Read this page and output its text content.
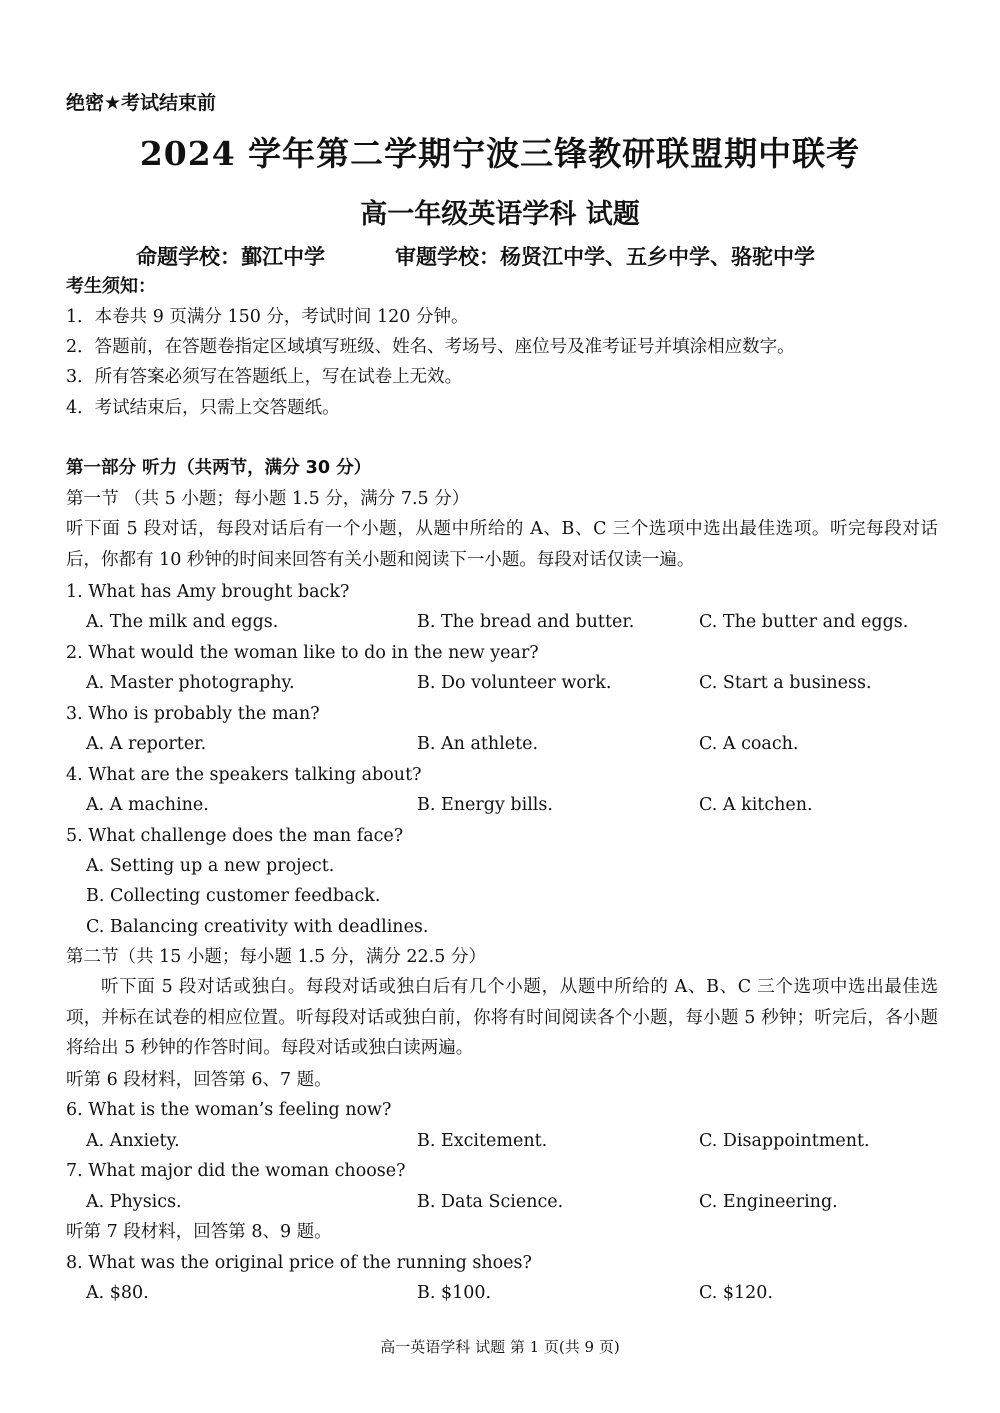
绝密★考试结束前
2024 学年第二学期宁波三锋教研联盟期中联考
高一年级英语学科 试题
命题学校：鄞江中学	审题学校：杨贤江中学、五乡中学、骆驼中学
考生须知：
1．本卷共 9 页满分 150 分，考试时间 120 分钟。
2．答题前，在答题卷指定区域填写班级、姓名、考场号、座位号及准考证号并填涂相应数字。
3．所有答案必须写在答题纸上，写在试卷上无效。
4．考试结束后，只需上交答题纸。
第一部分 听力（共两节，满分 30 分）
第一节 （共 5 小题；每小题 1.5 分，满分 7.5 分）
听下面 5 段对话，每段对话后有一个小题，从题中所给的 A、B、C 三个选项中选出最佳选项。听完每段对话后，你都有 10 秒钟的时间来回答有关小题和阅读下一小题。每段对话仅读一遍。
1. What has Amy brought back?
A. The milk and eggs.	B. The bread and butter.	C. The butter and eggs.
2. What would the woman like to do in the new year?
A. Master photography.	B. Do volunteer work.	C. Start a business.
3. Who is probably the man?
A. A reporter.	B. An athlete.	C. A coach.
4. What are the speakers talking about?
A. A machine.	B. Energy bills.	C. A kitchen.
5. What challenge does the man face?
A. Setting up a new project.
B. Collecting customer feedback.
C. Balancing creativity with deadlines.
第二节（共 15 小题；每小题 1.5 分，满分 22.5 分）
听下面 5 段对话或独白。每段对话或独白后有几个小题，从题中所给的 A、B、C 三个选项中选出最佳选项，并标在试卷的相应位置。听每段对话或独白前，你将有时间阅读各个小题，每小题 5 秒钟；听完后，各小题将给出 5 秒钟的作答时间。每段对话或独白读两遍。
听第 6 段材料，回答第 6、7 题。
6. What is the woman’s feeling now?
A. Anxiety.	B. Excitement.	C. Disappointment.
7. What major did the woman choose?
A. Physics.	B. Data Science.	C. Engineering.
听第 7 段材料，回答第 8、9 题。
8. What was the original price of the running shoes?
A. $80.	B. $100.	C. $120.
高一英语学科 试题 第 1 页(共 9 页)
